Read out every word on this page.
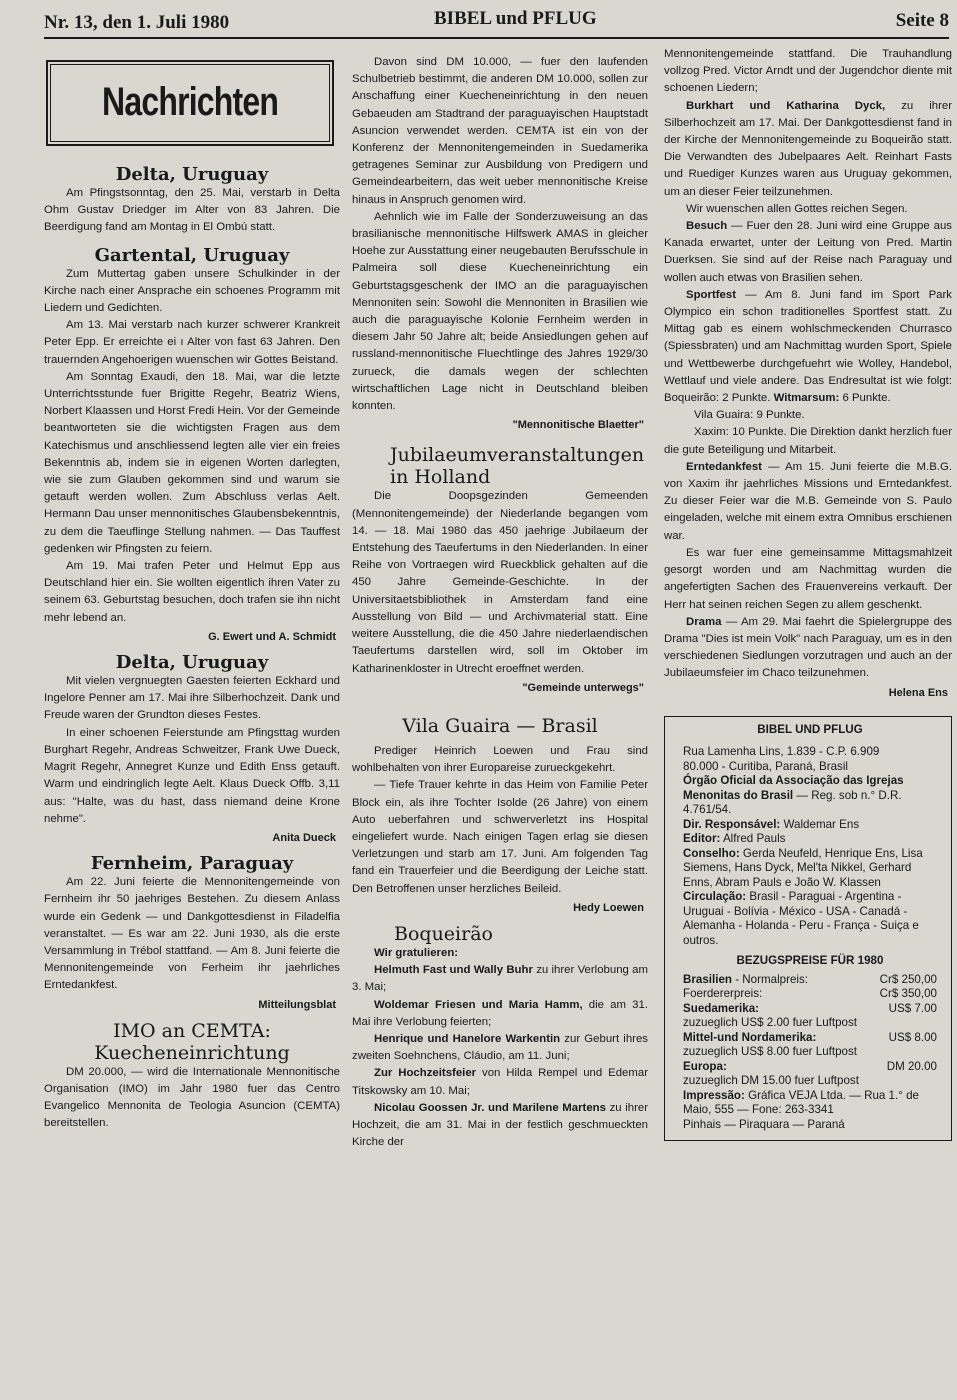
Nr. 13, den 1. Juli 1980	BIBEL und PFLUG	Seite 8
Nachrichten
Delta, Uruguay

Am Pfingstsonntag, den 25. Mai, verstarb in Delta Ohm Gustav Driedger im Alter von 83 Jahren. Die Beerdigung fand am Montag in El Ombú statt.

Gartental, Uruguay

Zum Muttertag gaben unsere Schulkinder in der Kirche nach einer Ansprache ein schoenes Programm mit Liedern und Gedichten.

Am 13. Mai verstarb nach kurzer schwerer Krankreit Peter Epp. Er erreichte ei ı Alter von fast 63 Jahren. Den trauernden Angehoerigen wuenschen wir Gottes Beistand.

Am Sonntag Exaudi, den 18. Mai, war die letzte Unterrichtsstunde fuer Brigitte Regehr, Beatriz Wiens, Norbert Klaassen und Horst Fredi Hein. Vor der Gemeinde beantworteten sie die wichtigsten Fragen aus dem Katechismus und anschliessend legten alle vier ein freies Bekenntnis ab, indem sie in eigenen Worten darlegten, wie sie zum Glauben gekommen sind und warum sie getauft werden wollen. Zum Abschluss verlas Aelt. Hermann Dau unser mennonitisches Glaubensbekenntnis, zu dem die Taeuflinge Stellung nahmen. — Das Tauffest gedenken wir Pfingsten zu feiern.

Am 19. Mai trafen Peter und Helmut Epp aus Deutschland hier ein. Sie wollten eigentlich ihren Vater zu seinem 63. Geburtstag besuchen, doch trafen sie ihn nicht mehr lebend an.

G. Ewert und A. Schmidt

Delta, Uruguay

Mit vielen vergnuegten Gaesten feierten Eckhard und Ingelore Penner am 17. Mai ihre Silberhochzeit. Dank und Freude waren der Grundton dieses Festes.

In einer schoenen Feierstunde am Pfingsttag wurden Burghart Regehr, Andreas Schweitzer, Frank Uwe Dueck, Magrit Regehr, Annegret Kunze und Edith Enss getauft. Warm und eindringlich legte Aelt. Klaus Dueck Offb. 3,11 aus: "Halte, was du hast, dass niemand deine Krone nehme".

Anita Dueck

Fernheim, Paraguay

Am 22. Juni feierte die Mennonitengemeinde von Fernheim ihr 50 jaehriges Bestehen. Zu diesem Anlass wurde ein Gedenk — und Dankgottesdienst in Filadelfia veranstaltet. — Es war am 22. Juni 1930, als die erste Versammlung in Trébol stattfand. — Am 8. Juni feierte die Mennonitengemeinde von Ferheim ihr jaehrliches Erntedankfest.

Mitteilungsblat

IMO an CEMTA:
Kuecheneinrichtung

DM 20.000, — wird die Internationale Mennonitische Organisation (IMO) im Jahr 1980 fuer das Centro Evangelico Mennonita de Teologia Asuncion (CEMTA) bereitstellen.

Davon sind DM 10.000, — fuer den laufenden Schulbetrieb bestimmt, die anderen DM 10.000, sollen zur Anschaffung einer Kuecheneinrichtung in den neuen Gebaeuden am Stadtrand der paraguayischen Hauptstadt Asuncion verwendet werden. CEMTA ist ein von der Konferenz der Mennonitengemeinden in Suedamerika getragenes Seminar zur Ausbildung von Predigern und Gemeindearbeitern, das weit ueber mennonitische Kreise hinaus in Anspruch genomen wird.

Aehnlich wie im Falle der Sonderzuweisung an das brasilianische mennonitische Hilfswerk AMAS in gleicher Hoehe zur Ausstattung einer neugebauten Berufsschule in Palmeira soll diese Kuecheneinrichtung ein Geburtstagsgeschenk der IMO an die paraguayischen Mennoniten sein: Sowohl die Mennoniten in Brasilien wie auch die paraguayische Kolonie Fernheim werden in diesem Jahr 50 Jahre alt; beide Ansiedlungen gehen auf russland-mennonitische Fluechtlinge des Jahres 1929/30 zurueck, die damals wegen der schlechten wirtschaftlichen Lage nicht in Deutschland bleiben konnten.

"Mennonitische Blaetter"

Jubilaeumveranstaltungen
in Holland

Die Doopsgezinden Gemeenden (Mennonitengemeinde) der Niederlande begangen vom 14. — 18. Mai 1980 das 450 jaehrige Jubilaeum der Entstehung des Taeufertums in den Niederlanden. In einer Reihe von Vortraegen wird Rueckblick gehalten auf die 450 Jahre Gemeinde-Geschichte. In der Universitaetsbibliothek in Amsterdam fand eine Ausstellung von Bild — und Archivmaterial statt. Eine weitere Ausstellung, die die 450 Jahre niederlaendischen Taeufertums darstellen wird, soll im Oktober im Katharinenkloster in Utrecht eroeffnet werden.

"Gemeinde unterwegs"

Vila Guaira — Brasil

Prediger Heinrich Loewen und Frau sind wohlbehalten von ihrer Europareise zurueckgekehrt.

— Tiefe Trauer kehrte in das Heim von Familie Peter Block ein, als ihre Tochter Isolde (26 Jahre) von einem Auto ueberfahren und schwerverletzt ins Hospital eingeliefert wurde. Nach einigen Tagen erlag sie diesen Verletzungen und starb am 17. Juni. Am folgenden Tag fand ein Trauerfeier und die Beerdigung der Leiche statt. Den Betroffenen unser herzliches Beileid.

Hedy Loewen

Boqueirão

Wir gratulieren:

Helmuth Fast und Wally Buhr zu ihrer Verlobung am 3. Mai;

Woldemar Friesen und Maria Hamm, die am 31. Mai ihre Verlobung feierten;

Henrique und Hanelore Warkentin zur Geburt ihres zweiten Soehnchens, Cláudio, am 11. Juni;

Zur Hochzeitsfeier von Hilda Rempel und Edemar Titskowsky am 10. Mai;

Nicolau Goossen Jr. und Marilene Martens zu ihrer Hochzeit, die am 31. Mai in der festlich geschmueckten Kirche der

Mennonitengemeinde stattfand. Die Trauhandlung vollzog Pred. Victor Arndt und der Jugendchor diente mit schoenen Liedern;

Burkhart und Katharina Dyck, zu ihrer Silberhochzeit am 17. Mai. Der Dankgottesdienst fand in der Kirche der Mennonitengemeinde zu Boqueirão statt. Die Verwandten des Jubelpaares Aelt. Reinhart Fasts und Ruediger Kunzes waren aus Uruguay gekommen, um an dieser Feier teilzunehmen.

Wir wuenschen allen Gottes reichen Segen.

Besuch — Fuer den 28. Juni wird eine Gruppe aus Kanada erwartet, unter der Leitung von Pred. Martin Duerksen. Sie sind auf der Reise nach Paraguay und wollen auch etwas von Brasilien sehen.

Sportfest — Am 8. Juni fand im Sport Park Olympico ein schon traditionelles Sportfest statt. Zu Mittag gab es einem wohlschmeckenden Churrasco (Spiessbraten) und am Nachmittag wurden Sport, Spiele und Wettbewerbe durchgefuehrt wie Wolley, Handebol, Wettlauf und viele andere. Das Endresultat ist wie folgt: Boqueirão: 2 Punkte. Witmarsum: 6 Punkte.

Vila Guaira: 9 Punkte.

Xaxim: 10 Punkte. Die Direktion dankt herzlich fuer die gute Beteiligung und Mitarbeit.

Erntedankfest — Am 15. Juni feierte die M.B.G. von Xaxim ihr jaehrliches Missions und Erntedankfest. Zu dieser Feier war die M.B. Gemeinde von S. Paulo eingeladen, welche mit einem extra Omnibus erschienen war.

Es war fuer eine gemeinsamme Mittagsmahlzeit gesorgt worden und am Nachmittag wurden die angefertigten Sachen des Frauenvereins verkauft. Der Herr hat seinen reichen Segen zu allem geschenkt.

Drama — Am 29. Mai faehrt die Spielergruppe des Drama "Dies ist mein Volk" nach Paraguay, um es in den verschiedenen Siedlungen vorzutragen und auch an der Jubilaeumsfeier im Chaco teilzunehmen.

Helena Ens

BIBEL UND PFLUG
Rua Lamenha Lins, 1.839 - C.P. 6.909
80.000 - Curitiba, Paraná, Brasil
Órgão Oficial da Associação das Igrejas Menonitas do Brasil — Reg. sob n.° D.R. 4.761/54.
Dir. Responsável: Waldemar Ens
Editor: Alfred Pauls
Conselho: Gerda Neufeld, Henrique Ens, Lisa Siemens, Hans Dyck, Mel'ta Nikkel, Gerhard Enns, Abram Pauls e João W. Klassen
Circulação: Brasil - Paraguai - Argentina - Uruguai - Bolívia - México - USA - Canadá - Alemanha - Holanda - Peru - França - Suiça e outros.
BEZUGSPREISE FÜR 1980
Brasilien - Normalpreis:	Cr$ 250,00
Foerdererpreis:	Cr$ 350,00
Suedamerika:	US$ 7.00
zuzueglich US$ 2.00 fuer Luftpost
Mittel-und Nordamerika:	US$ 8.00
zuzueglich US$ 8.00 fuer Luftpost
Europa:	DM 20.00
zuzueglich DM 15.00 fuer Luftpost
Impressão: Gráfica VEJA Ltda. — Rua 1.° de Maio, 555 — Fone: 263-3341
Pinhais — Piraquara — Paraná
